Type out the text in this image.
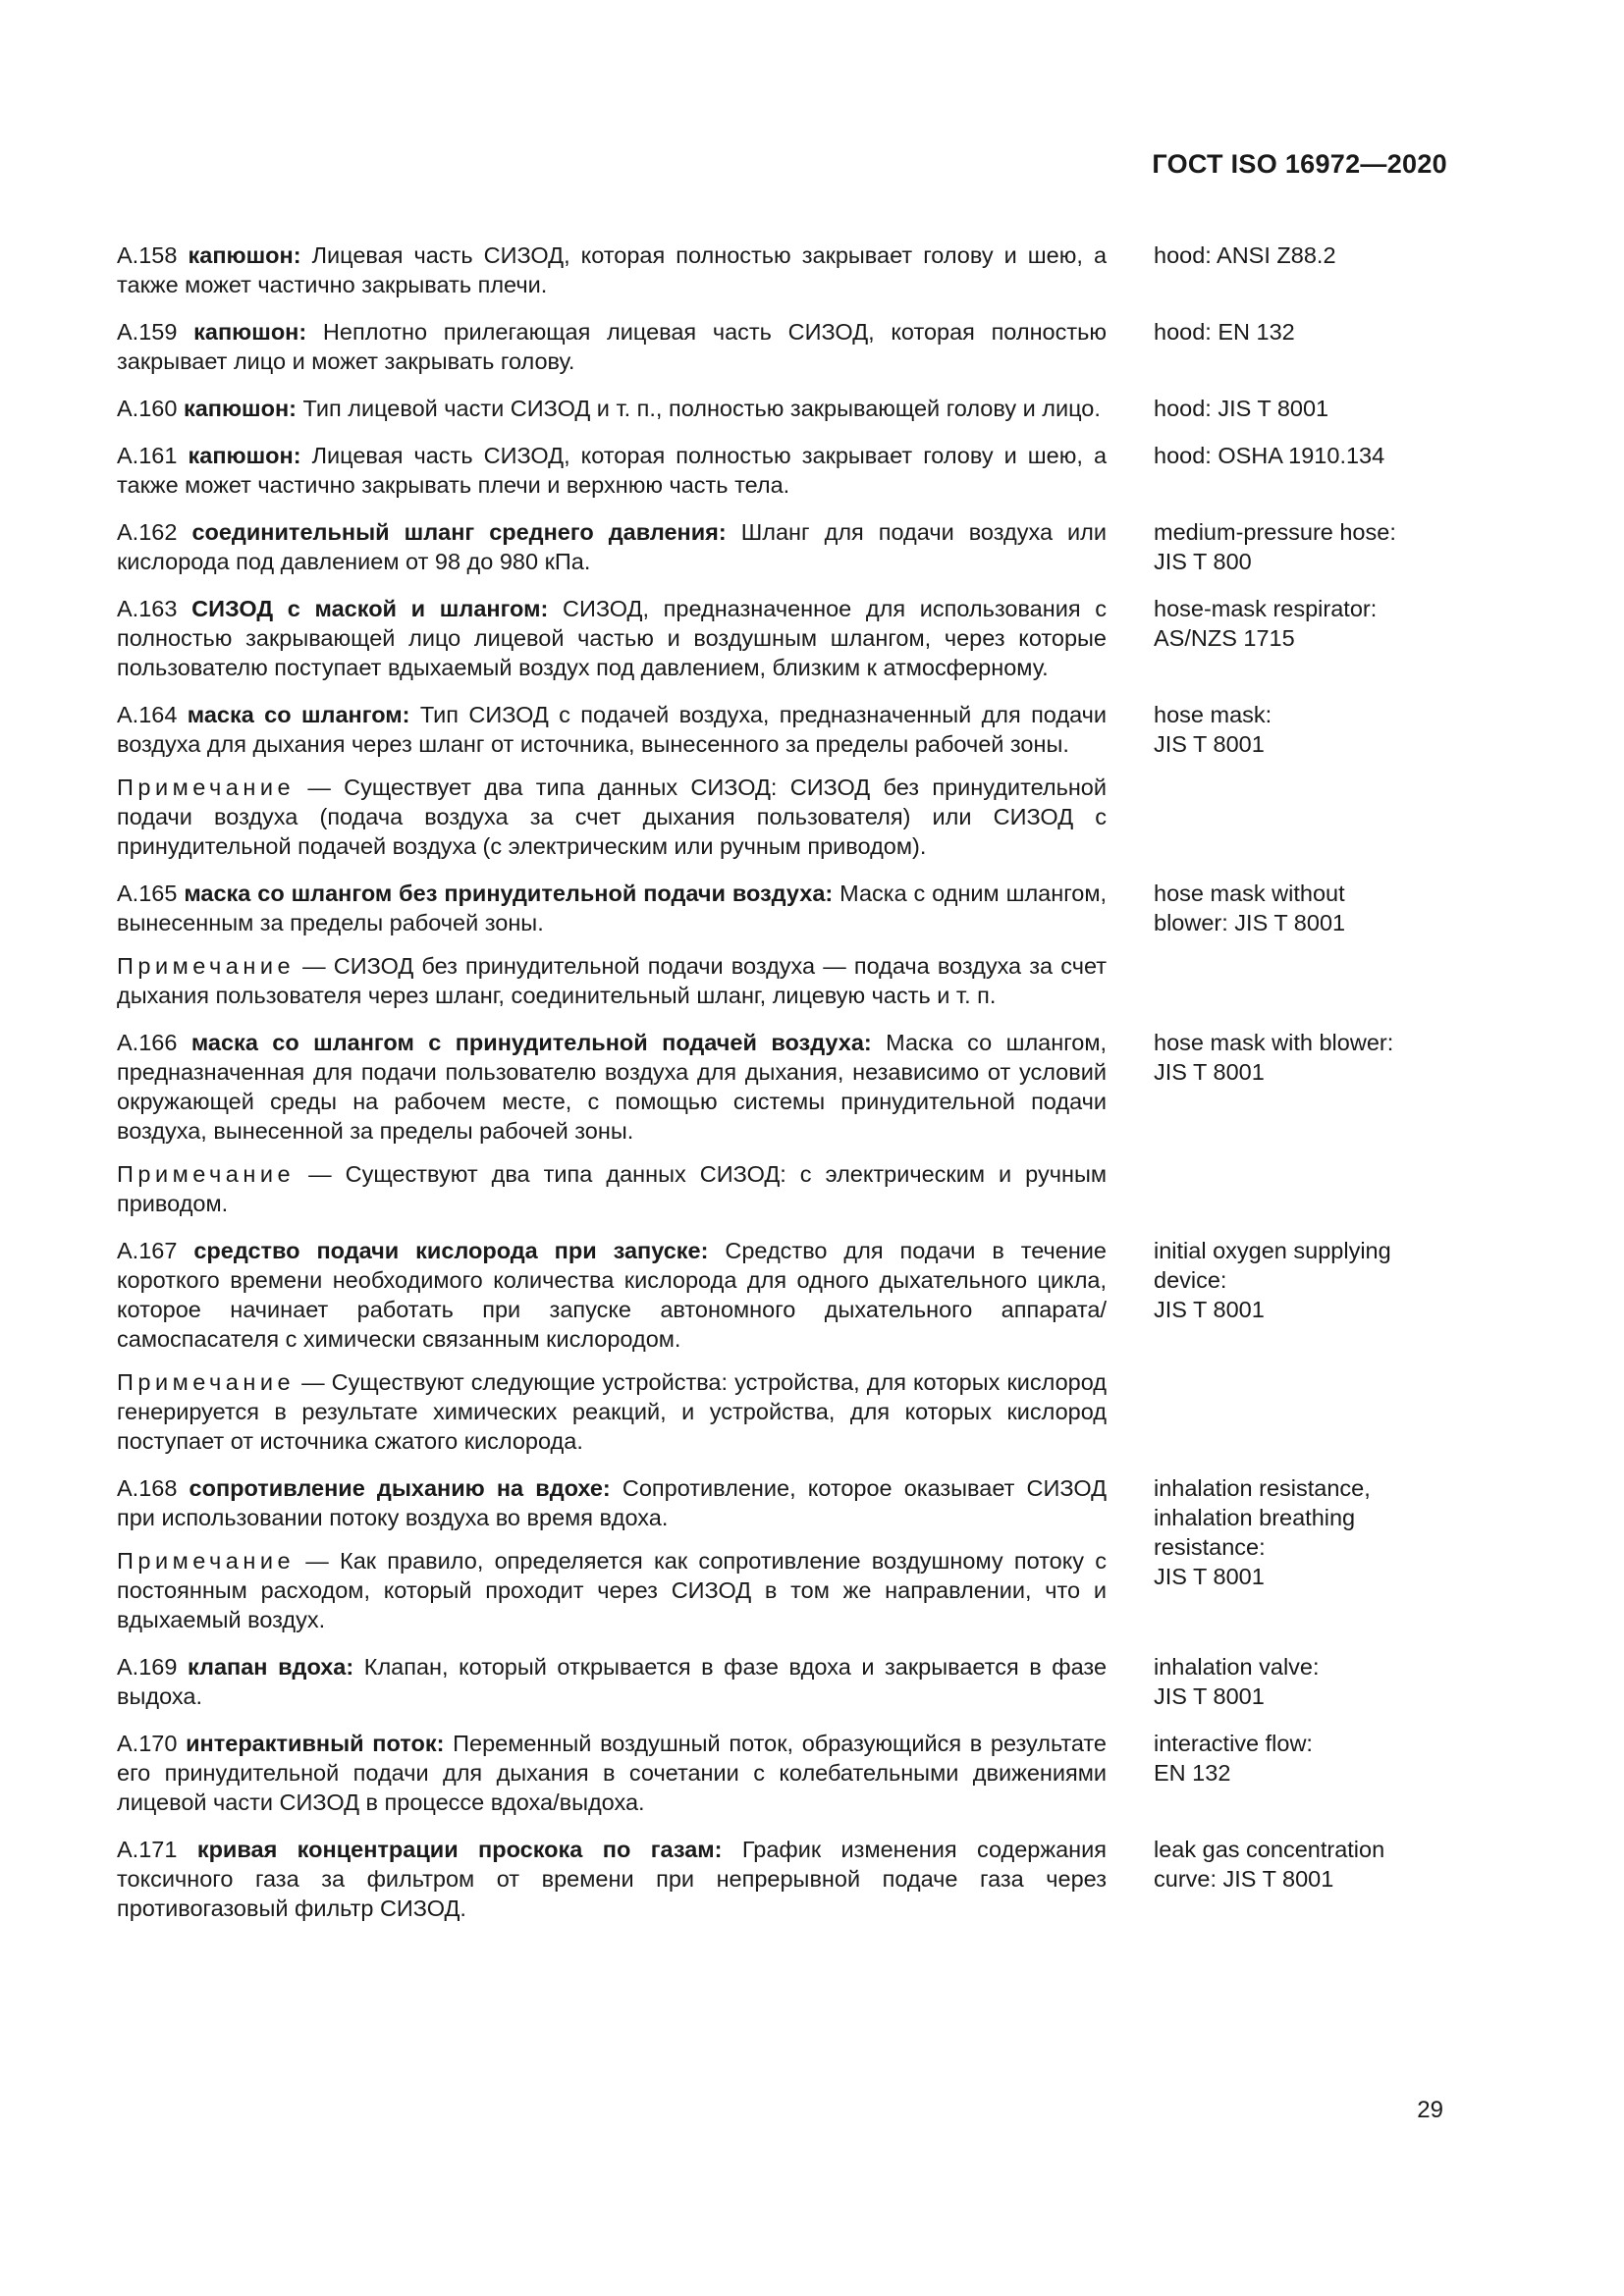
ГОСТ ISO 16972—2020

А.158 капюшон: Лицевая часть СИЗОД, которая полностью закрывает голову и шею, а также может частично закрывать плечи.

hood: ANSI Z88.2

А.159 капюшон: Неплотно прилегающая лицевая часть СИЗОД, которая полностью закрывает лицо и может закрывать голову.

hood: EN 132

А.160 капюшон: Тип лицевой части СИЗОД и т. п., полностью закрывающей голову и лицо. hood: JIS T 8001

А.161 капюшон: Лицевая часть СИЗОД, которая полностью закрывает голову и шею, а также может частично закрывать плечи и верхнюю часть тела.

hood: OSHA 1910.134

А.162 соединительный шланг среднего давления: Шланг для подачи воздуха или кислорода под давлением от 98 до 980 кПа.

medium-pressure hose:
JIS T 800

А.163 СИЗОД с маской и шлангом: СИЗОД, предназначенное для использования с полностью закрывающей лицо лицевой частью и воздушным шлангом, через которые пользователю поступает вдыхаемый воздух под давлением, близким к атмосферному.

hose-mask respirator:
AS/NZS 1715

А.164 маска со шлангом: Тип СИЗОД с подачей воздуха, предназначенный для подачи воздуха для дыхания через шланг от источника, вынесенного за пределы рабочей зоны.

Примечание — Существует два типа данных СИЗОД: СИЗОД без принудительной подачи воздуха (подача воздуха за счет дыхания пользователя) или СИЗОД с принудительной подачей воздуха (с электрическим или ручным приводом).

hose mask:
JIS T 8001

А.165 маска со шлангом без принудительной подачи воздуха: Маска с одним шлангом, вынесенным за пределы рабочей зоны.

Примечание — СИЗОД без принудительной подачи воздуха — подача воздуха за счет дыхания пользователя через шланг, соединительный шланг, лицевую часть и т. п.

hose mask without
blower: JIS T 8001

А.166 маска со шлангом с принудительной подачей воздуха: Маска со шлангом, предназначенная для подачи пользователю воздуха для дыхания, независимо от условий окружающей среды на рабочем месте, с помощью системы принудительной подачи воздуха, вынесенной за пределы рабочей зоны.

Примечание — Существуют два типа данных СИЗОД: с электрическим и ручным приводом.

hose mask with blower:
JIS T 8001

А.167 средство подачи кислорода при запуске: Средство для подачи в течение короткого времени необходимого количества кислорода для одного дыхательного цикла, которое начинает работать при запуске автономного дыхательного аппарата/самоспасателя с химически связанным кислородом.

Примечание — Существуют следующие устройства: устройства, для которых кислород генерируется в результате химических реакций, и устройства, для которых кислород поступает от источника сжатого кислорода.

initial oxygen supplying
device:
JIS T 8001

А.168 сопротивление дыханию на вдохе: Сопротивление, которое оказывает СИЗОД при использовании потоку воздуха во время вдоха.

Примечание — Как правило, определяется как сопротивление воздушному потоку с постоянным расходом, который проходит через СИЗОД в том же направлении, что и вдыхаемый воздух.

inhalation resistance,
inhalation breathing
resistance:
JIS T 8001

А.169 клапан вдоха: Клапан, который открывается в фазе вдоха и закрывается в фазе выдоха.

inhalation valve:
JIS T 8001

А.170 интерактивный поток: Переменный воздушный поток, образующийся в результате его принудительной подачи для дыхания в сочетании с колебательными движениями лицевой части СИЗОД в процессе вдоха/выдоха.

interactive flow:
EN 132

А.171 кривая концентрации проскока по газам: График изменения содержания токсичного газа за фильтром от времени при непрерывной подаче газа через противогазовый фильтр СИЗОД.

leak gas concentration
curve: JIS T 8001
29
